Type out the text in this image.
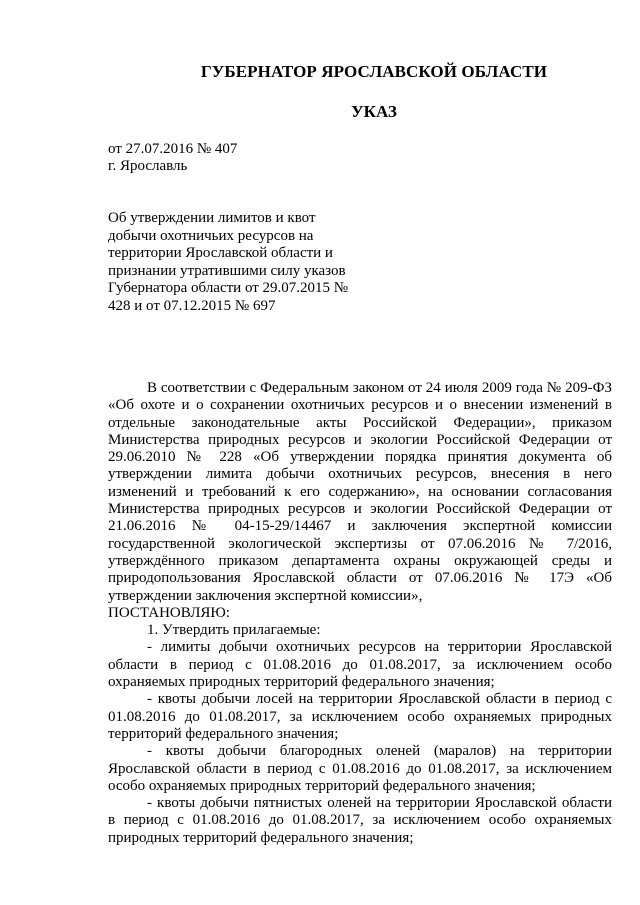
ГУБЕРНАТОР ЯРОСЛАВСКОЙ ОБЛАСТИ
УКАЗ
от 27.07.2016 № 407
г. Ярославль
Об утверждении лимитов и квот добычи охотничьих ресурсов на территории Ярославской области и признании утратившими силу указов Губернатора области от 29.07.2015 № 428 и от 07.12.2015 № 697

В соответствии с Федеральным законом от 24 июля 2009 года № 209-ФЗ «Об охоте и о сохранении охотничьих ресурсов и о внесении изменений в отдельные законодательные акты Российской Федерации», приказом Министерства природных ресурсов и экологии Российской Федерации от 29.06.2010 № 228 «Об утверждении порядка принятия документа об утверждении лимита добычи охотничьих ресурсов, внесения в него изменений и требований к его содержанию», на основании согласования Министерства природных ресурсов и экологии Российской Федерации от 21.06.2016 № 04-15-29/14467 и заключения экспертной комиссии государственной экологической экспертизы от 07.06.2016 № 7/2016, утверждённого приказом департамента охраны окружающей среды и природопользования Ярославской области от 07.06.2016 № 17Э «Об утверждении заключения экспертной комиссии»,

ПОСТАНОВЛЯЮ:

1. Утвердить прилагаемые:

- лимиты добычи охотничьих ресурсов на территории Ярославской области в период с 01.08.2016 до 01.08.2017, за исключением особо охраняемых природных территорий федерального значения;

- квоты добычи лосей на территории Ярославской области в период с 01.08.2016 до 01.08.2017, за исключением особо охраняемых природных территорий федерального значения;

- квоты добычи благородных оленей (маралов) на территории Ярославской области в период с 01.08.2016 до 01.08.2017, за исключением особо охраняемых природных территорий федерального значения;

- квоты добычи пятнистых оленей на территории Ярославской области в период с 01.08.2016 до 01.08.2017, за исключением особо охраняемых природных территорий федерального значения;
